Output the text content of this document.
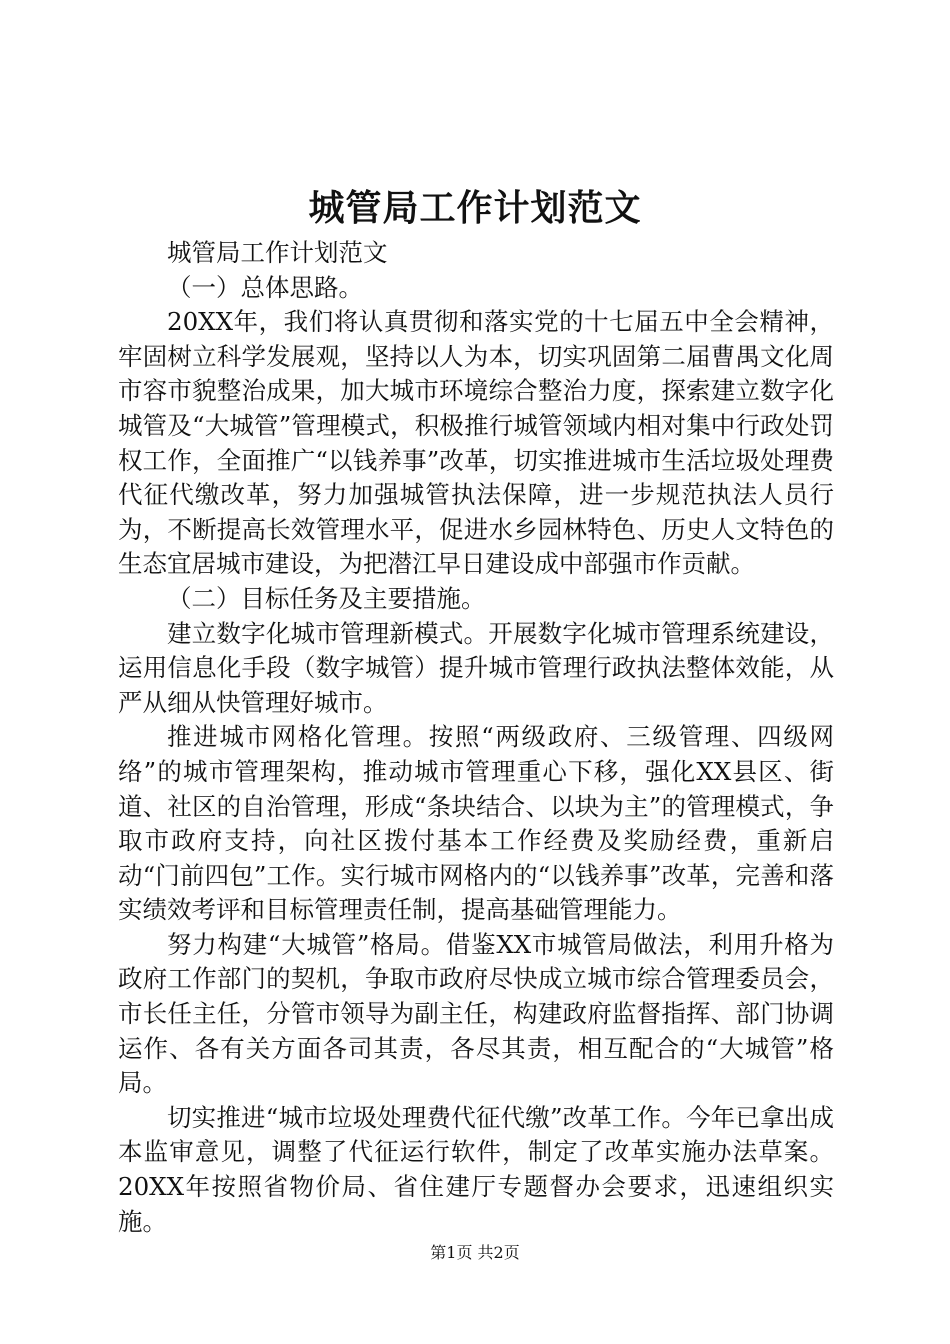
城管局工作计划范文

城管局工作计划范文

（一）总体思路。

20XX年，我们将认真贯彻和落实党的十七届五中全会精神，牢固树立科学发展观，坚持以人为本，切实巩固第二届曹禺文化周市容市貌整治成果，加大城市环境综合整治力度，探索建立数字化城管及“大城管”管理模式，积极推行城管领域内相对集中行政处罚权工作，全面推广“以钱养事”改革，切实推进城市生活垃圾处理费代征代缴改革，努力加强城管执法保障，进一步规范执法人员行为，不断提高长效管理水平，促进水乡园林特色、历史人文特色的生态宜居城市建设，为把潜江早日建设成中部强市作贡献。

（二）目标任务及主要措施。

建立数字化城市管理新模式。开展数字化城市管理系统建设，运用信息化手段（数字城管）提升城市管理行政执法整体效能，从严从细从快管理好城市。

推进城市网格化管理。按照“两级政府、三级管理、四级网络”的城市管理架构，推动城市管理重心下移，强化XX县区、街道、社区的自治管理，形成“条块结合、以块为主”的管理模式，争取市政府支持，向社区拨付基本工作经费及奖励经费，重新启动“门前四包”工作。实行城市网格内的“以钱养事”改革，完善和落实绩效考评和目标管理责任制，提高基础管理能力。

努力构建“大城管”格局。借鉴XX市城管局做法，利用升格为政府工作部门的契机，争取市政府尽快成立城市综合管理委员会，市长任主任，分管市领导为副主任，构建政府监督指挥、部门协调运作、各有关方面各司其责，各尽其责，相互配合的“大城管”格局。

切实推进“城市垃圾处理费代征代缴”改革工作。今年已拿出成本监审意见，调整了代征运行软件，制定了改革实施办法草案。20XX年按照省物价局、省住建厅专题督办会要求，迅速组织实施。

第1页 共2页
